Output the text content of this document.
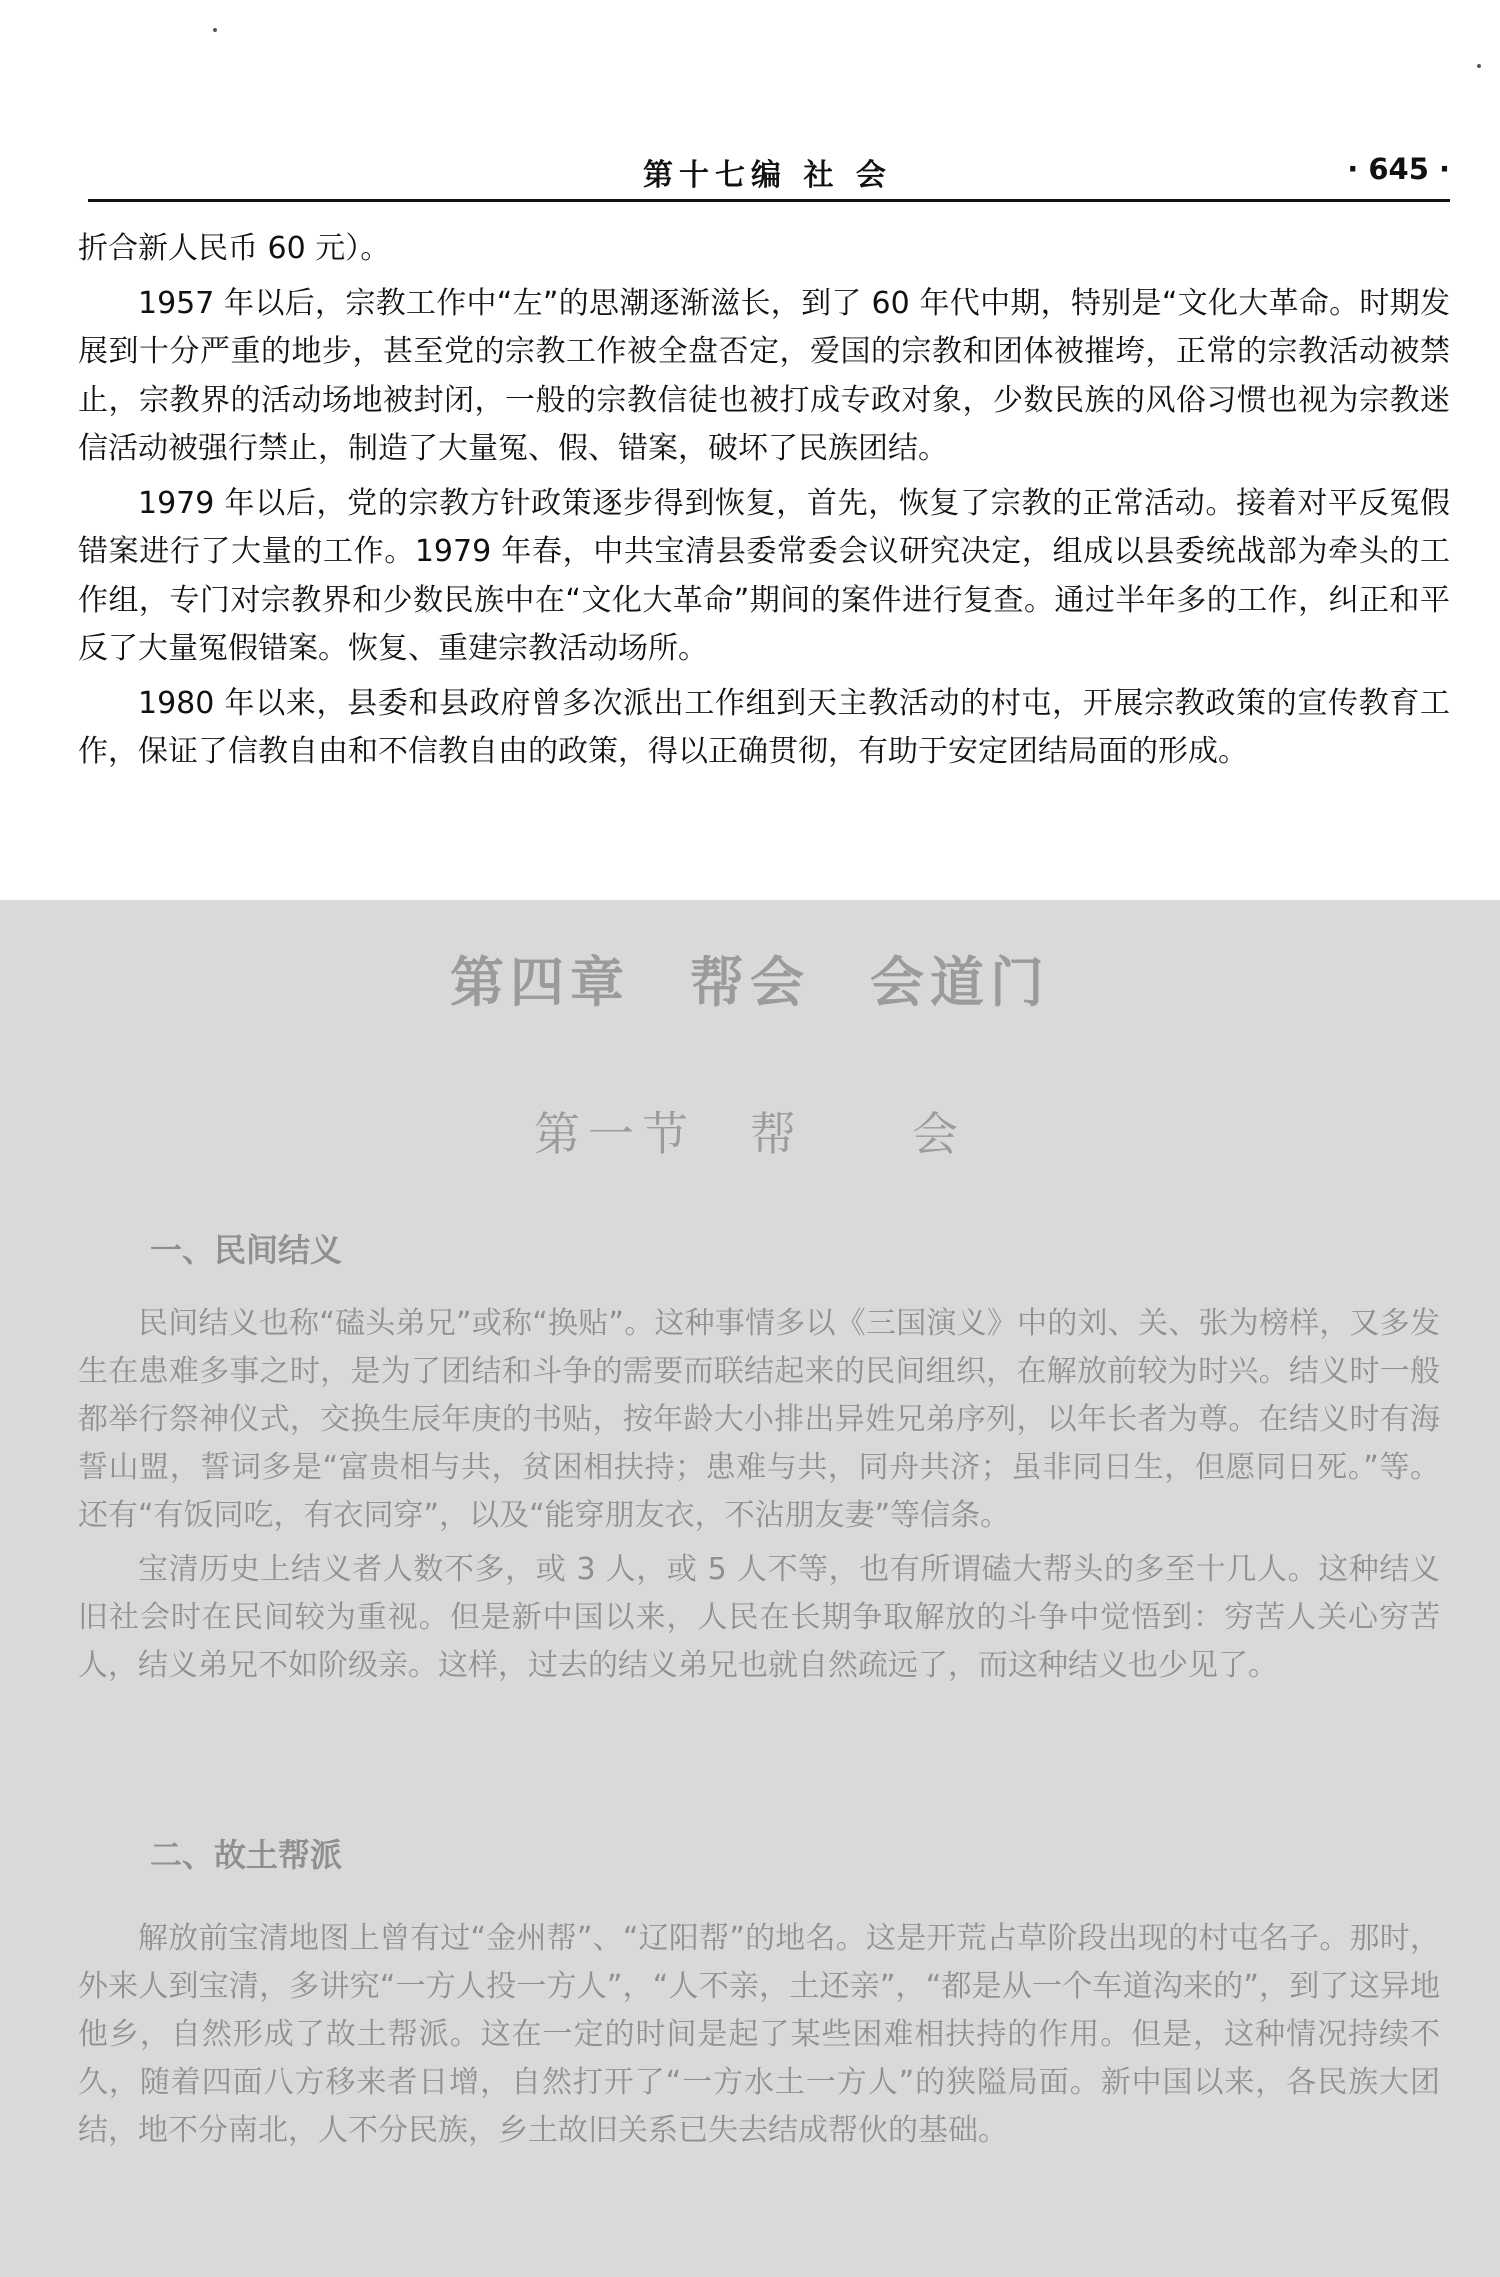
第十七编 社 会	· 645 ·

折合新人民币 60 元）。

1957 年以后，宗教工作中“左”的思潮逐渐滋长，到了 60 年代中期，特别是“文化大革命。时期发展到十分严重的地步，甚至党的宗教工作被全盘否定，爱国的宗教和团体被摧垮，正常的宗教活动被禁止，宗教界的活动场地被封闭，一般的宗教信徒也被打成专政对象，少数民族的风俗习惯也视为宗教迷信活动被强行禁止，制造了大量冤、假、错案，破坏了民族团结。

1979 年以后，党的宗教方针政策逐步得到恢复，首先，恢复了宗教的正常活动。接着对平反冤假错案进行了大量的工作。1979 年春，中共宝清县委常委会议研究决定，组成以县委统战部为牵头的工作组，专门对宗教界和少数民族中在“文化大革命”期间的案件进行复查。通过半年多的工作，纠正和平反了大量冤假错案。恢复、重建宗教活动场所。

1980 年以来，县委和县政府曾多次派出工作组到天主教活动的村屯，开展宗教政策的宣传教育工作，保证了信教自由和不信教自由的政策，得以正确贯彻，有助于安定团结局面的形成。

第四章　帮会　会道门
第一节　帮　　会
一、民间结义

民间结义也称“磕头弟兄”或称“换贴”。这种事情多以《三国演义》中的刘、关、张为榜样，又多发生在患难多事之时，是为了团结和斗争的需要而联结起来的民间组织，在解放前较为时兴。结义时一般都举行祭神仪式，交换生辰年庚的书贴，按年龄大小排出异姓兄弟序列，以年长者为尊。在结义时有海誓山盟，誓词多是“富贵相与共，贫困相扶持；患难与共，同舟共济；虽非同日生，但愿同日死。”等。还有“有饭同吃，有衣同穿”，以及“能穿朋友衣，不沾朋友妻”等信条。

宝清历史上结义者人数不多，或 3 人，或 5 人不等，也有所谓磕大帮头的多至十几人。这种结义旧社会时在民间较为重视。但是新中国以来，人民在长期争取解放的斗争中觉悟到：穷苦人关心穷苦人，结义弟兄不如阶级亲。这样，过去的结义弟兄也就自然疏远了，而这种结义也少见了。

二、故土帮派

解放前宝清地图上曾有过“金州帮”、“辽阳帮”的地名。这是开荒占草阶段出现的村屯名子。那时，外来人到宝清，多讲究“一方人投一方人”，“人不亲，土还亲”，“都是从一个车道沟来的”，到了这异地他乡，自然形成了故土帮派。这在一定的时间是起了某些困难相扶持的作用。但是，这种情况持续不久，随着四面八方移来者日增，自然打开了“一方水土一方人”的狭隘局面。新中国以来，各民族大团结，地不分南北，人不分民族，乡土故旧关系已失去结成帮伙的基础。
